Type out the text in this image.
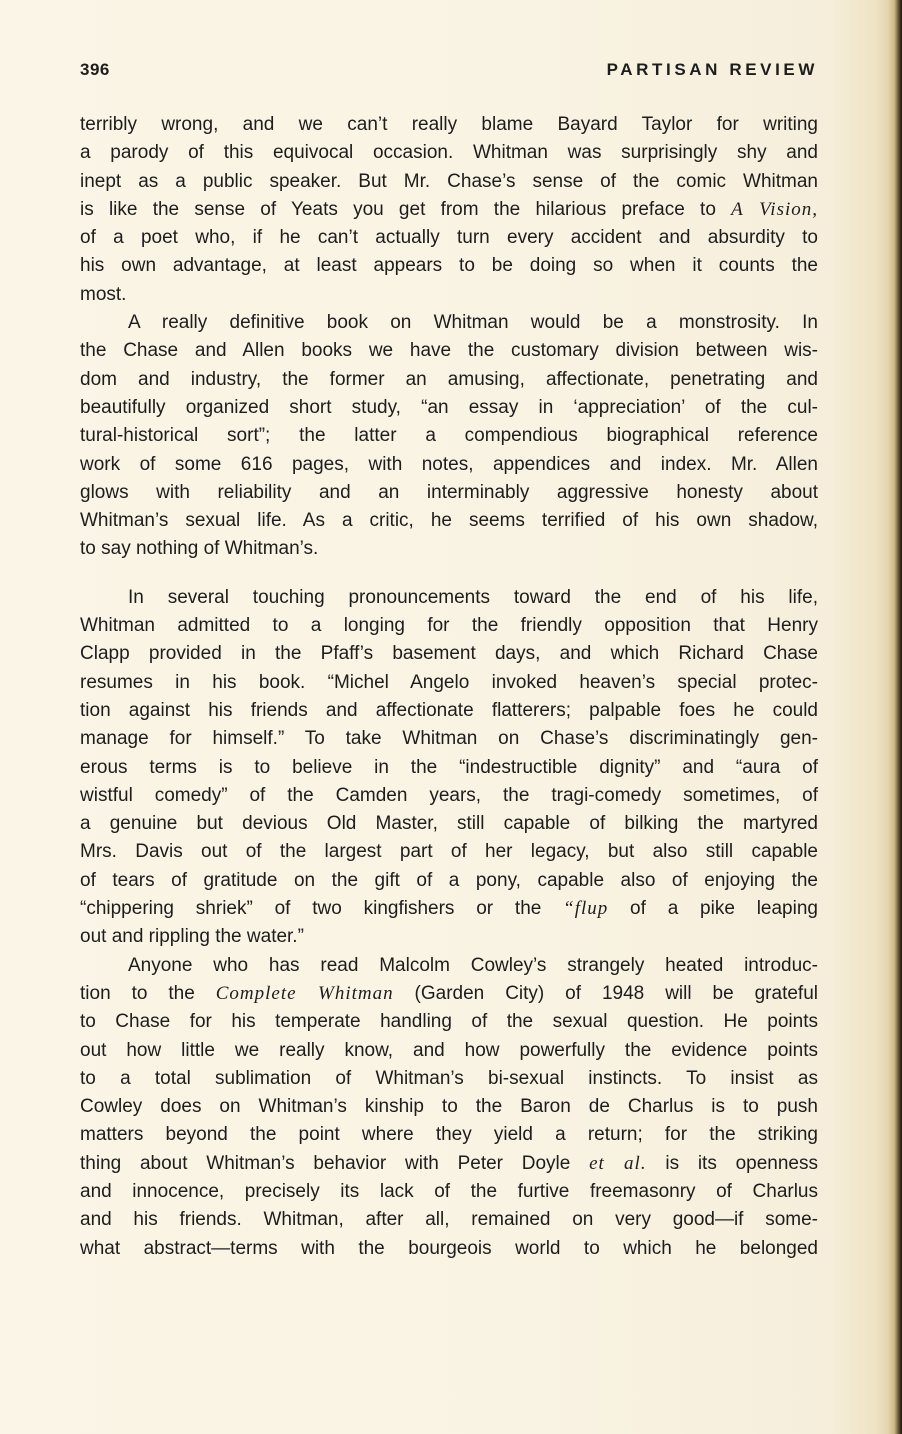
396	PARTISAN REVIEW
terribly wrong, and we can’t really blame Bayard Taylor for writing
a parody of this equivocal occasion. Whitman was surprisingly shy and
inept as a public speaker. But Mr. Chase’s sense of the comic Whitman
is like the sense of Yeats you get from the hilarious preface to A Vision,
of a poet who, if he can’t actually turn every accident and absurdity to
his own advantage, at least appears to be doing so when it counts the
most.
A really definitive book on Whitman would be a monstrosity. In
the Chase and Allen books we have the customary division between wis-
dom and industry, the former an amusing, affectionate, penetrating and
beautifully organized short study, “an essay in ‘appreciation’ of the cul-
tural-historical sort”; the latter a compendious biographical reference
work of some 616 pages, with notes, appendices and index. Mr. Allen
glows with reliability and an interminably aggressive honesty about
Whitman’s sexual life. As a critic, he seems terrified of his own shadow,
to say nothing of Whitman’s.
In several touching pronouncements toward the end of his life,
Whitman admitted to a longing for the friendly opposition that Henry
Clapp provided in the Pfaff’s basement days, and which Richard Chase
resumes in his book. “Michel Angelo invoked heaven’s special protec-
tion against his friends and affectionate flatterers; palpable foes he could
manage for himself.” To take Whitman on Chase’s discriminatingly gen-
erous terms is to believe in the “indestructible dignity” and “aura of
wistful comedy” of the Camden years, the tragi-comedy sometimes, of
a genuine but devious Old Master, still capable of bilking the martyred
Mrs. Davis out of the largest part of her legacy, but also still capable
of tears of gratitude on the gift of a pony, capable also of enjoying the
“chippering shriek” of two kingfishers or the “flup of a pike leaping
out and rippling the water.”
Anyone who has read Malcolm Cowley’s strangely heated introduc-
tion to the Complete Whitman (Garden City) of 1948 will be grateful
to Chase for his temperate handling of the sexual question. He points
out how little we really know, and how powerfully the evidence points
to a total sublimation of Whitman’s bi-sexual instincts. To insist as
Cowley does on Whitman’s kinship to the Baron de Charlus is to push
matters beyond the point where they yield a return; for the striking
thing about Whitman’s behavior with Peter Doyle et al. is its openness
and innocence, precisely its lack of the furtive freemasonry of Charlus
and his friends. Whitman, after all, remained on very good—if some-
what abstract—terms with the bourgeois world to which he belonged
